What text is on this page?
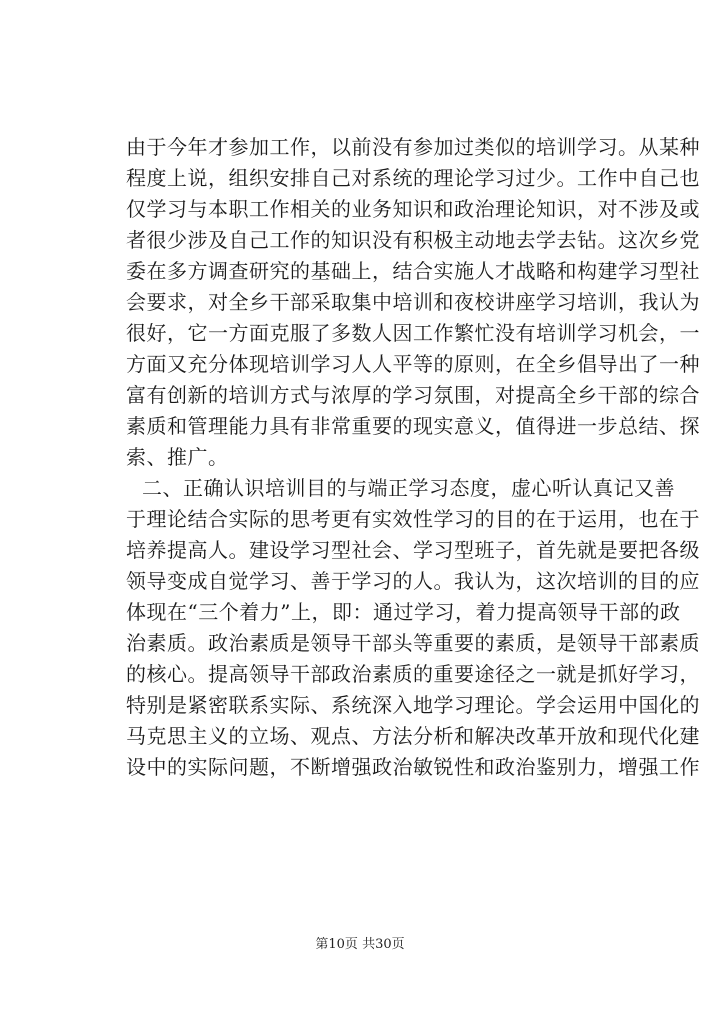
由于今年才参加工作，以前没有参加过类似的培训学习。从某种
程度上说，组织安排自己对系统的理论学习过少。工作中自己也
仅学习与本职工作相关的业务知识和政治理论知识，对不涉及或
者很少涉及自己工作的知识没有积极主动地去学去钻。这次乡党
委在多方调查研究的基础上，结合实施人才战略和构建学习型社
会要求，对全乡干部采取集中培训和夜校讲座学习培训，我认为
很好，它一方面克服了多数人因工作繁忙没有培训学习机会，一
方面又充分体现培训学习人人平等的原则，在全乡倡导出了一种
富有创新的培训方式与浓厚的学习氛围，对提高全乡干部的综合
素质和管理能力具有非常重要的现实意义，值得进一步总结、探
索、推广。
二、正确认识培训目的与端正学习态度，虚心听认真记又善
于理论结合实际的思考更有实效性学习的目的在于运用，也在于
培养提高人。建设学习型社会、学习型班子，首先就是要把各级
领导变成自觉学习、善于学习的人。我认为，这次培训的目的应
体现在“三个着力”上，即：通过学习，着力提高领导干部的政
治素质。政治素质是领导干部头等重要的素质，是领导干部素质
的核心。提高领导干部政治素质的重要途径之一就是抓好学习，
特别是紧密联系实际、系统深入地学习理论。学会运用中国化的
马克思主义的立场、观点、方法分析和解决改革开放和现代化建
设中的实际问题，不断增强政治敏锐性和政治鉴别力，增强工作
第10页 共30页
